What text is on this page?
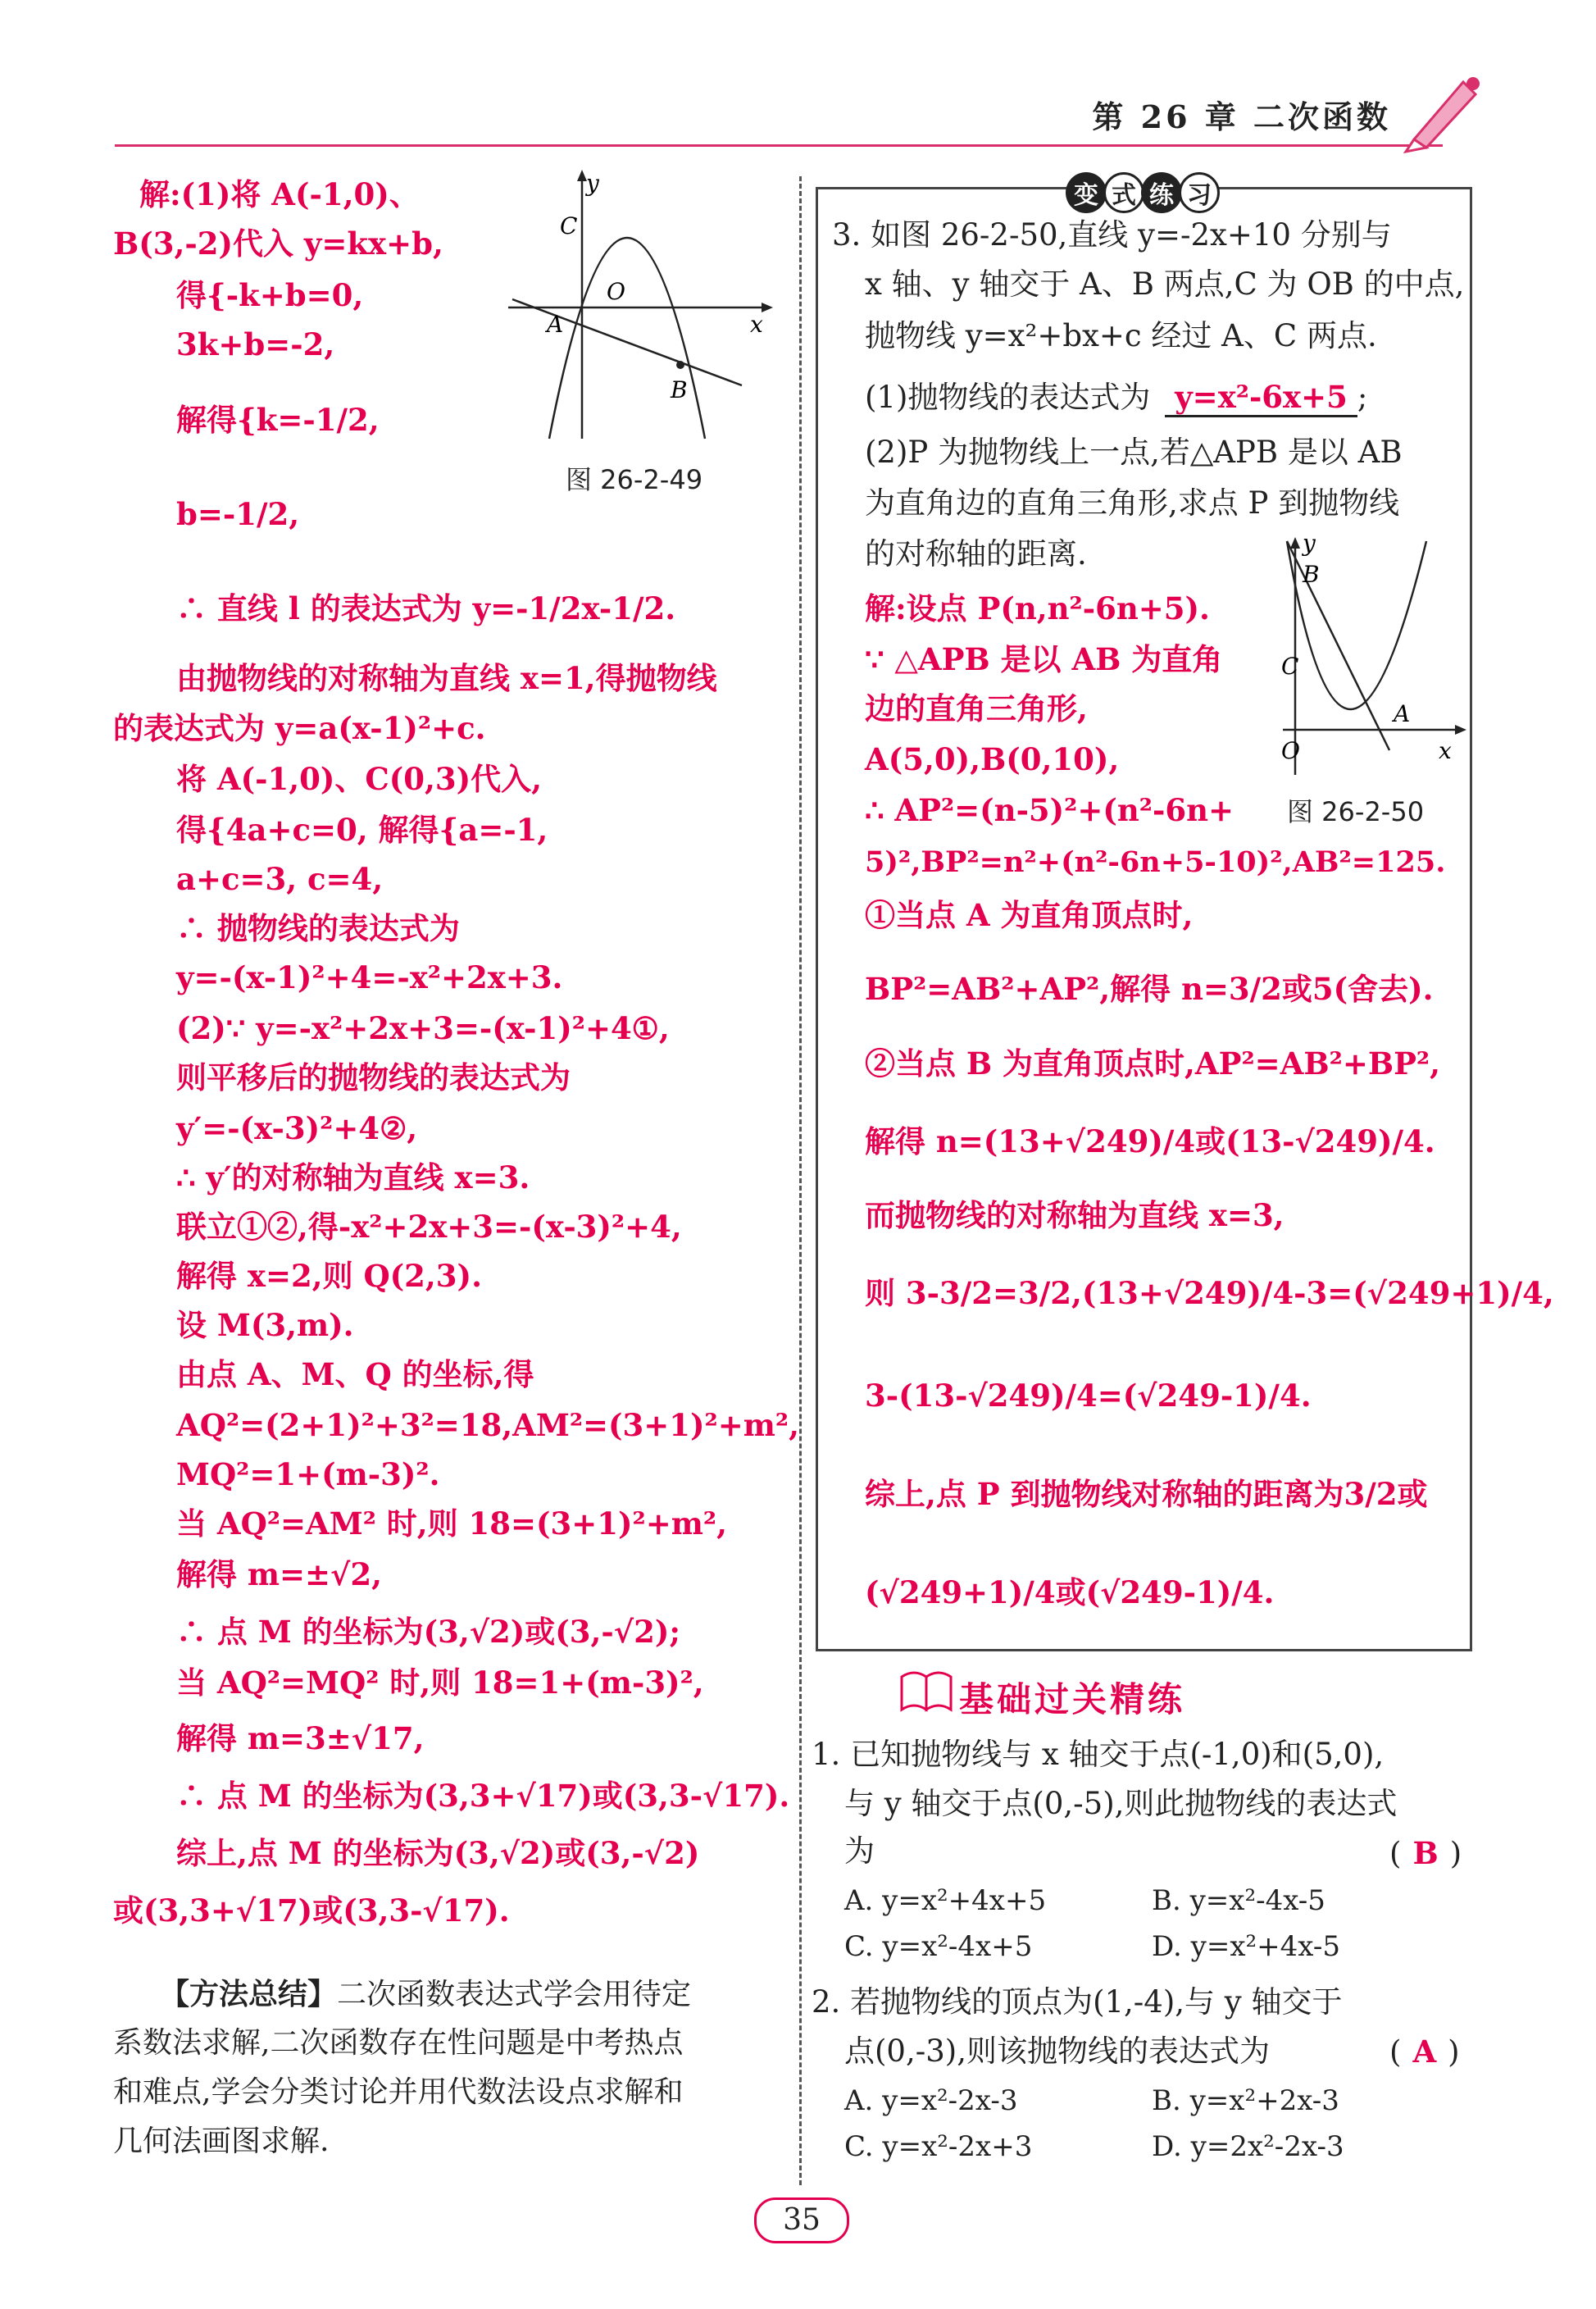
第 26 章 二次函数
解:(1)将 A(-1,0)、
B(3,-2)代入 y=kx+b,
得{-k+b=0,
3k+b=-2,
解得{k=-1/2,
b=-1/2,
∴ 直线 l 的表达式为 y=-1/2x-1/2.
由抛物线的对称轴为直线 x=1,得抛物线
的表达式为 y=a(x-1)²+c.
将 A(-1,0)、C(0,3)代入,
得{4a+c=0, 解得{a=-1,
a+c=3, c=4,
∴ 抛物线的表达式为
y=-(x-1)²+4=-x²+2x+3.
(2)∵ y=-x²+2x+3=-(x-1)²+4①,
则平移后的抛物线的表达式为
y′=-(x-3)²+4②,
∴ y′的对称轴为直线 x=3.
联立①②,得-x²+2x+3=-(x-3)²+4,
解得 x=2,则 Q(2,3).
设 M(3,m).
由点 A、M、Q 的坐标,得
AQ²=(2+1)²+3²=18,AM²=(3+1)²+m²,
MQ²=1+(m-3)².
当 AQ²=AM² 时,则 18=(3+1)²+m²,
解得 m=±√2,
∴ 点 M 的坐标为(3,√2)或(3,-√2);
当 AQ²=MQ² 时,则 18=1+(m-3)²,
解得 m=3±√17,
∴ 点 M 的坐标为(3,3+√17)或(3,3-√17).
综上,点 M 的坐标为(3,√2)或(3,-√2)
或(3,3+√17)或(3,3-√17).
y
C
O
A	x
B
图 26-2-49
【方法总结】二次函数表达式学会用待定
系数法求解,二次函数存在性问题是中考热点
和难点,学会分类讨论并用代数法设点求解和
几何法画图求解.
变 式 练 习
3. 如图 26-2-50,直线 y=-2x+10 分别与
x 轴、y 轴交于 A、B 两点,C 为 OB 的中点,
抛物线 y=x²+bx+c 经过 A、C 两点.
(1)抛物线的表达式为 y=x²-6x+5 ;
(2)P 为抛物线上一点,若△APB 是以 AB
为直角边的直角三角形,求点 P 到抛物线
的对称轴的距离.
解:设点 P(n,n²-6n+5).
∵ △APB 是以 AB 为直角
边的直角三角形,
A(5,0),B(0,10),
∴ AP²=(n-5)²+(n²-6n+
5)²,BP²=n²+(n²-6n+5-10)²,AB²=125.
①当点 A 为直角顶点时,
BP²=AB²+AP²,解得 n=3/2或5(舍去).
②当点 B 为直角顶点时,AP²=AB²+BP²,
解得 n=(13+√249)/4或(13-√249)/4.
而抛物线的对称轴为直线 x=3,
则 3-3/2=3/2,(13+√249)/4-3=(√249+1)/4,
3-(13-√249)/4=(√249-1)/4.
综上,点 P 到抛物线对称轴的距离为3/2或
(√249+1)/4或(√249-1)/4.
y
B
C
A
O	x
图 26-2-50
基础过关精练
1. 已知抛物线与 x 轴交于点(-1,0)和(5,0),
与 y 轴交于点(0,-5),则此抛物线的表达式
为	( B )
A. y=x²+4x+5	B. y=x²-4x-5
C. y=x²-4x+5	D. y=x²+4x-5
2. 若抛物线的顶点为(1,-4),与 y 轴交于
点(0,-3),则该抛物线的表达式为	( A )
A. y=x²-2x-3	B. y=x²+2x-3
C. y=x²-2x+3	D. y=2x²-2x-3
35
